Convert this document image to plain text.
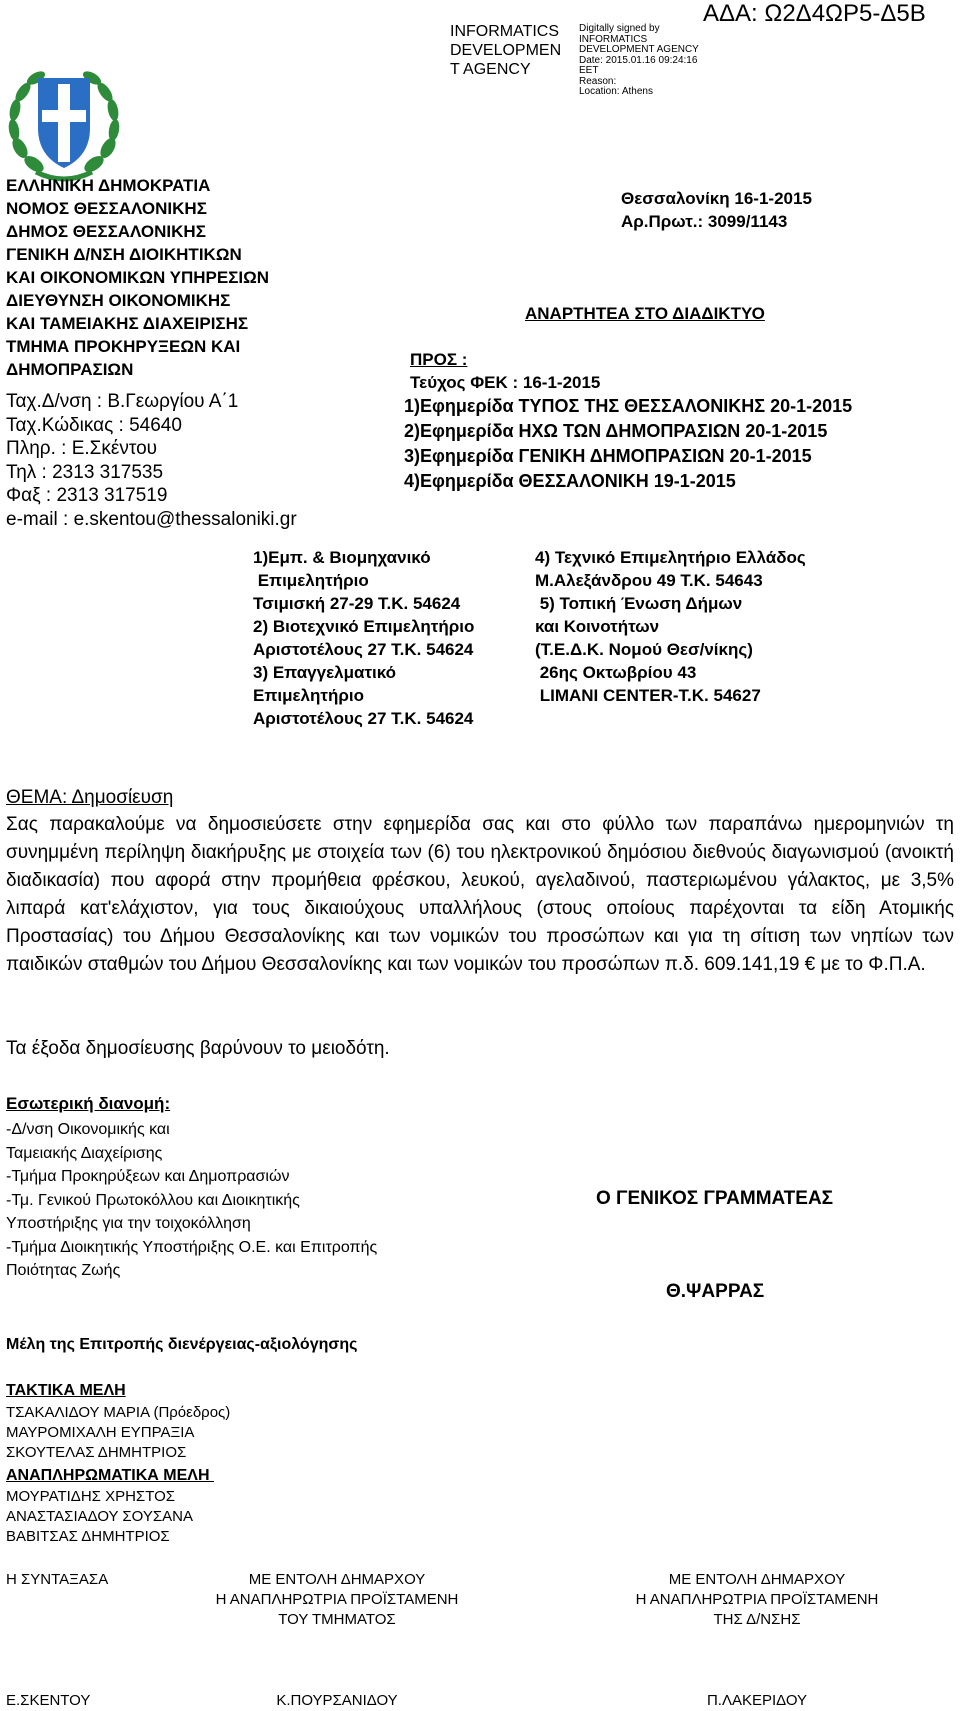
ΑΔΑ: Ω2Δ4ΩΡ5-Δ5Β
INFORMATICS
DEVELOPMEN
T AGENCY
Digitally signed by
INFORMATICS
DEVELOPMENT AGENCY
Date: 2015.01.16 09:24:16
EET
Reason:
Location: Athens
ΕΛΛΗΝΙΚΗ ΔΗΜΟΚΡΑΤΙΑ
ΝΟΜΟΣ ΘΕΣΣΑΛΟΝΙΚΗΣ
ΔΗΜΟΣ ΘΕΣΣΑΛΟΝΙΚΗΣ
ΓΕΝΙΚΗ Δ/ΝΣΗ ΔΙΟΙΚΗΤΙΚΩΝ
ΚΑΙ ΟΙΚΟΝΟΜΙΚΩΝ ΥΠΗΡΕΣΙΩΝ
ΔΙΕΥΘΥΝΣΗ ΟΙΚΟΝΟΜΙΚΗΣ
ΚΑΙ ΤΑΜΕΙΑΚΗΣ ΔΙΑΧΕΙΡΙΣΗΣ
ΤΜΗΜΑ ΠΡΟΚΗΡΥΞΕΩΝ ΚΑΙ
ΔΗΜΟΠΡΑΣΙΩΝ
Ταχ.Δ/νση : Β.Γεωργίου Α΄1
Ταχ.Κώδικας : 54640
Πληρ. : Ε.Σκέντου
Τηλ : 2313 317535
Φαξ : 2313 317519
e-mail : e.skentou@thessaloniki.gr
Θεσσαλονίκη 16-1-2015
Αρ.Πρωτ.: 3099/1143
ΑΝΑΡΤΗΤΕΑ ΣΤΟ ΔΙΑΔΙΚΤΥΟ
ΠΡΟΣ :
Τεύχος ΦΕΚ : 16-1-2015
1)Εφημερίδα ΤΥΠΟΣ ΤΗΣ ΘΕΣΣΑΛΟΝΙΚΗΣ 20-1-2015
2)Εφημερίδα ΗΧΩ ΤΩΝ ΔΗΜΟΠΡΑΣΙΩΝ 20-1-2015
3)Εφημερίδα ΓΕΝΙΚΗ ΔΗΜΟΠΡΑΣΙΩΝ 20-1-2015
4)Εφημερίδα ΘΕΣΣΑΛΟΝΙΚΗ 19-1-2015
1)Εμπ. & Βιομηχανικό
Επιμελητήριο
Τσιμισκή 27-29 Τ.Κ. 54624
2) Βιοτεχνικό Επιμελητήριο
Αριστοτέλους 27 Τ.Κ. 54624
3) Επαγγελματικό
Επιμελητήριο
Αριστοτέλους 27 Τ.Κ. 54624
4) Τεχνικό Επιμελητήριο Ελλάδος
Μ.Αλεξάνδρου 49 Τ.Κ. 54643
5) Τοπική Ένωση Δήμων
και Κοινοτήτων
(Τ.Ε.Δ.Κ. Νομού Θεσ/νίκης)
26ης Οκτωβρίου 43
LIMANI CENTER-Τ.Κ. 54627
ΘΕΜΑ: Δημοσίευση
Σας παρακαλούμε να δημοσιεύσετε στην εφημερίδα σας και στο φύλλο των παραπάνω ημερομηνιών τη συνημμένη περίληψη διακήρυξης με στοιχεία των (6) του ηλεκτρονικού δημόσιου διεθνούς διαγωνισμού (ανοικτή διαδικασία) που αφορά στην προμήθεια φρέσκου, λευκού, αγελαδινού, παστεριωμένου γάλακτος, με 3,5% λιπαρά κατ'ελάχιστον, για τους δικαιούχους υπαλλήλους (στους οποίους παρέχονται τα είδη Ατομικής Προστασίας) του Δήμου Θεσσαλονίκης και των νομικών του προσώπων και για τη σίτιση των νηπίων των παιδικών σταθμών του Δήμου Θεσσαλονίκης και των νομικών του προσώπων π.δ. 609.141,19 € με το Φ.Π.Α.
Τα έξοδα δημοσίευσης βαρύνουν το μειοδότη.
Εσωτερική διανομή:
-Δ/νση Οικονομικής και
Ταμειακής Διαχείρισης
-Τμήμα Προκηρύξεων και Δημοπρασιών
-Τμ. Γενικού Πρωτοκόλλου και Διοικητικής
Υποστήριξης για την τοιχοκόλληση
-Τμήμα Διοικητικής Υποστήριξης Ο.Ε. και Επιτροπής
Ποιότητας Ζωής
Ο ΓΕΝΙΚΟΣ ΓΡΑΜΜΑΤΕΑΣ
Θ.ΨΑΡΡΑΣ
Μέλη της Επιτροπής διενέργειας-αξιολόγησης
ΤΑΚΤΙΚΑ ΜΕΛΗ
ΤΣΑΚΑΛΙΔΟΥ ΜΑΡΙΑ (Πρόεδρος)
ΜΑΥΡΟΜΙΧΑΛΗ ΕΥΠΡΑΞΙΑ
ΣΚΟΥΤΕΛΑΣ ΔΗΜΗΤΡΙΟΣ
ΑΝΑΠΛΗΡΩΜΑΤΙΚΑ ΜΕΛΗ
ΜΟΥΡΑΤΙΔΗΣ ΧΡΗΣΤΟΣ
ΑΝΑΣΤΑΣΙΑΔΟΥ ΣΟΥΣΑΝΑ
ΒΑΒΙΤΣΑΣ ΔΗΜΗΤΡΙΟΣ
Η ΣΥΝΤΑΞΑΣΑ
Ε.ΣΚΕΝΤΟΥ
ΜΕ ΕΝΤΟΛΗ ΔΗΜΑΡΧΟΥ
Η ΑΝΑΠΛΗΡΩΤΡΙΑ ΠΡΟΪΣΤΑΜΕΝΗ
ΤΟΥ ΤΜΗΜΑΤΟΣ
Κ.ΠΟΥΡΣΑΝΙΔΟΥ
ΜΕ ΕΝΤΟΛΗ ΔΗΜΑΡΧΟΥ
Η ΑΝΑΠΛΗΡΩΤΡΙΑ ΠΡΟΪΣΤΑΜΕΝΗ
ΤΗΣ Δ/ΝΣΗΣ
Π.ΛΑΚΕΡΙΔΟΥ
